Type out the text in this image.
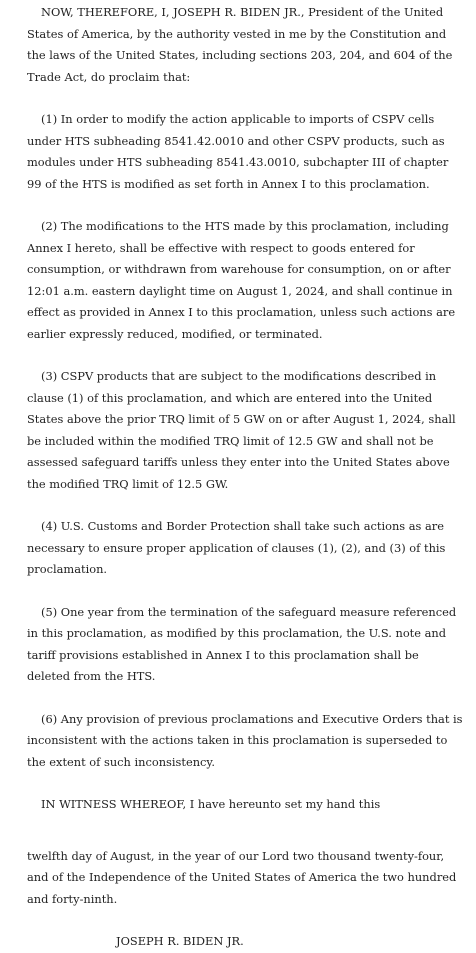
NOW, THEREFORE, I, JOSEPH R. BIDEN JR., President of the United States of America, by the authority vested in me by the Constitution and the laws of the United States, including sections 203, 204, and 604 of the Trade Act, do proclaim that:

(1) In order to modify the action applicable to imports of CSPV cells under HTS subheading 8541.42.0010 and other CSPV products, such as modules under HTS subheading 8541.43.0010, subchapter III of chapter 99 of the HTS is modified as set forth in Annex I to this proclamation.

(2) The modifications to the HTS made by this proclamation, including Annex I hereto, shall be effective with respect to goods entered for consumption, or withdrawn from warehouse for consumption, on or after 12:01 a.m. eastern daylight time on August 1, 2024, and shall continue in effect as provided in Annex I to this proclamation, unless such actions are earlier expressly reduced, modified, or terminated.

(3) CSPV products that are subject to the modifications described in clause (1) of this proclamation, and which are entered into the United States above the prior TRQ limit of 5 GW on or after August 1, 2024, shall be included within the modified TRQ limit of 12.5 GW and shall not be assessed safeguard tariffs unless they enter into the United States above the modified TRQ limit of 12.5 GW.

(4) U.S. Customs and Border Protection shall take such actions as are necessary to ensure proper application of clauses (1), (2), and (3) of this proclamation.

(5) One year from the termination of the safeguard measure referenced in this proclamation, as modified by this proclamation, the U.S. note and tariff provisions established in Annex I to this proclamation shall be deleted from the HTS.

(6) Any provision of previous proclamations and Executive Orders that is inconsistent with the actions taken in this proclamation is superseded to the extent of such inconsistency.

IN WITNESS WHEREOF, I have hereunto set my hand this

twelfth day of August, in the year of our Lord two thousand twenty-four, and of the Independence of the United States of America the two hundred and forty-ninth.

JOSEPH R. BIDEN JR.
